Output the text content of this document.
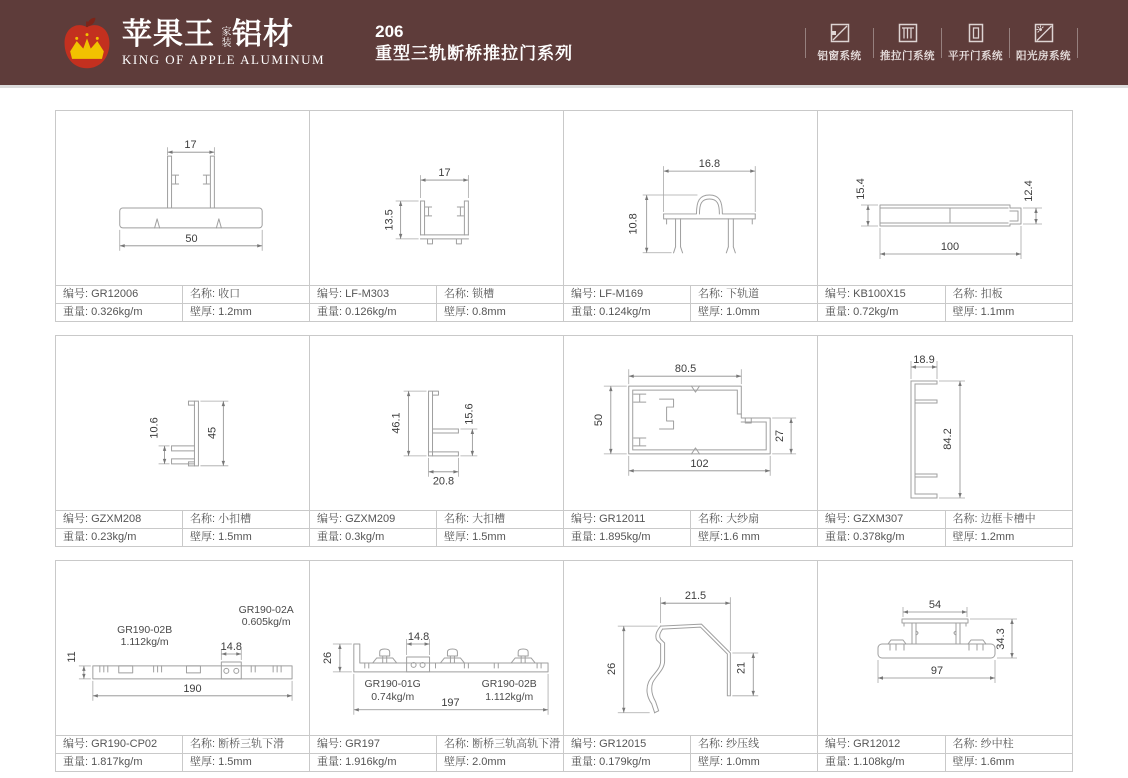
苹果王 家装 铝材
KING OF APPLE ALUMINUM
206
重型三轨断桥推拉门系列	铝窗系统 推拉门系统 平开门系统 阳光房系统
17
50
编号: GR12006	名称: 收口
重量: 0.326kg/m	壁厚: 1.2mm
17
13.5
编号: LF-M303	名称: 锁槽
重量: 0.126kg/m	壁厚: 0.8mm
16.8
10.8
编号: LF-M169	名称: 下轨道
重量: 0.124kg/m	壁厚: 1.0mm
15.4	12.4
100
编号: KB100X15	名称: 扣板
重量: 0.72kg/m	壁厚: 1.1mm
10.6	45
编号: GZXM208	名称: 小扣槽
重量: 0.23kg/m	壁厚: 1.5mm
46.1	15.6
20.8
编号: GZXM209	名称: 大扣槽
重量: 0.3kg/m	壁厚: 1.5mm
80.5
50
27
102
编号: GR12011	名称: 大纱扇
重量: 1.895kg/m	壁厚:1.6 mm
18.9
84.2
编号: GZXM307	名称: 边框卡槽中
重量: 0.378kg/m	壁厚: 1.2mm
11
14.8
190
GR190-02B
1.112kg/m
GR190-02A
0.605kg/m
编号: GR190-CP02	名称: 断桥三轨下滑
重量: 1.817kg/m	壁厚: 1.5mm
26
14.8
197
GR190-01G
0.74kg/m
GR190-02B
1.112kg/m
编号: GR197	名称: 断桥三轨高轨下滑
重量: 1.916kg/m	壁厚: 2.0mm
21.5
26	21
编号: GR12015	名称: 纱压线
重量: 0.179kg/m	壁厚: 1.0mm
54
34.3
97
编号: GR12012	名称: 纱中柱
重量: 1.108kg/m	壁厚: 1.6mm
